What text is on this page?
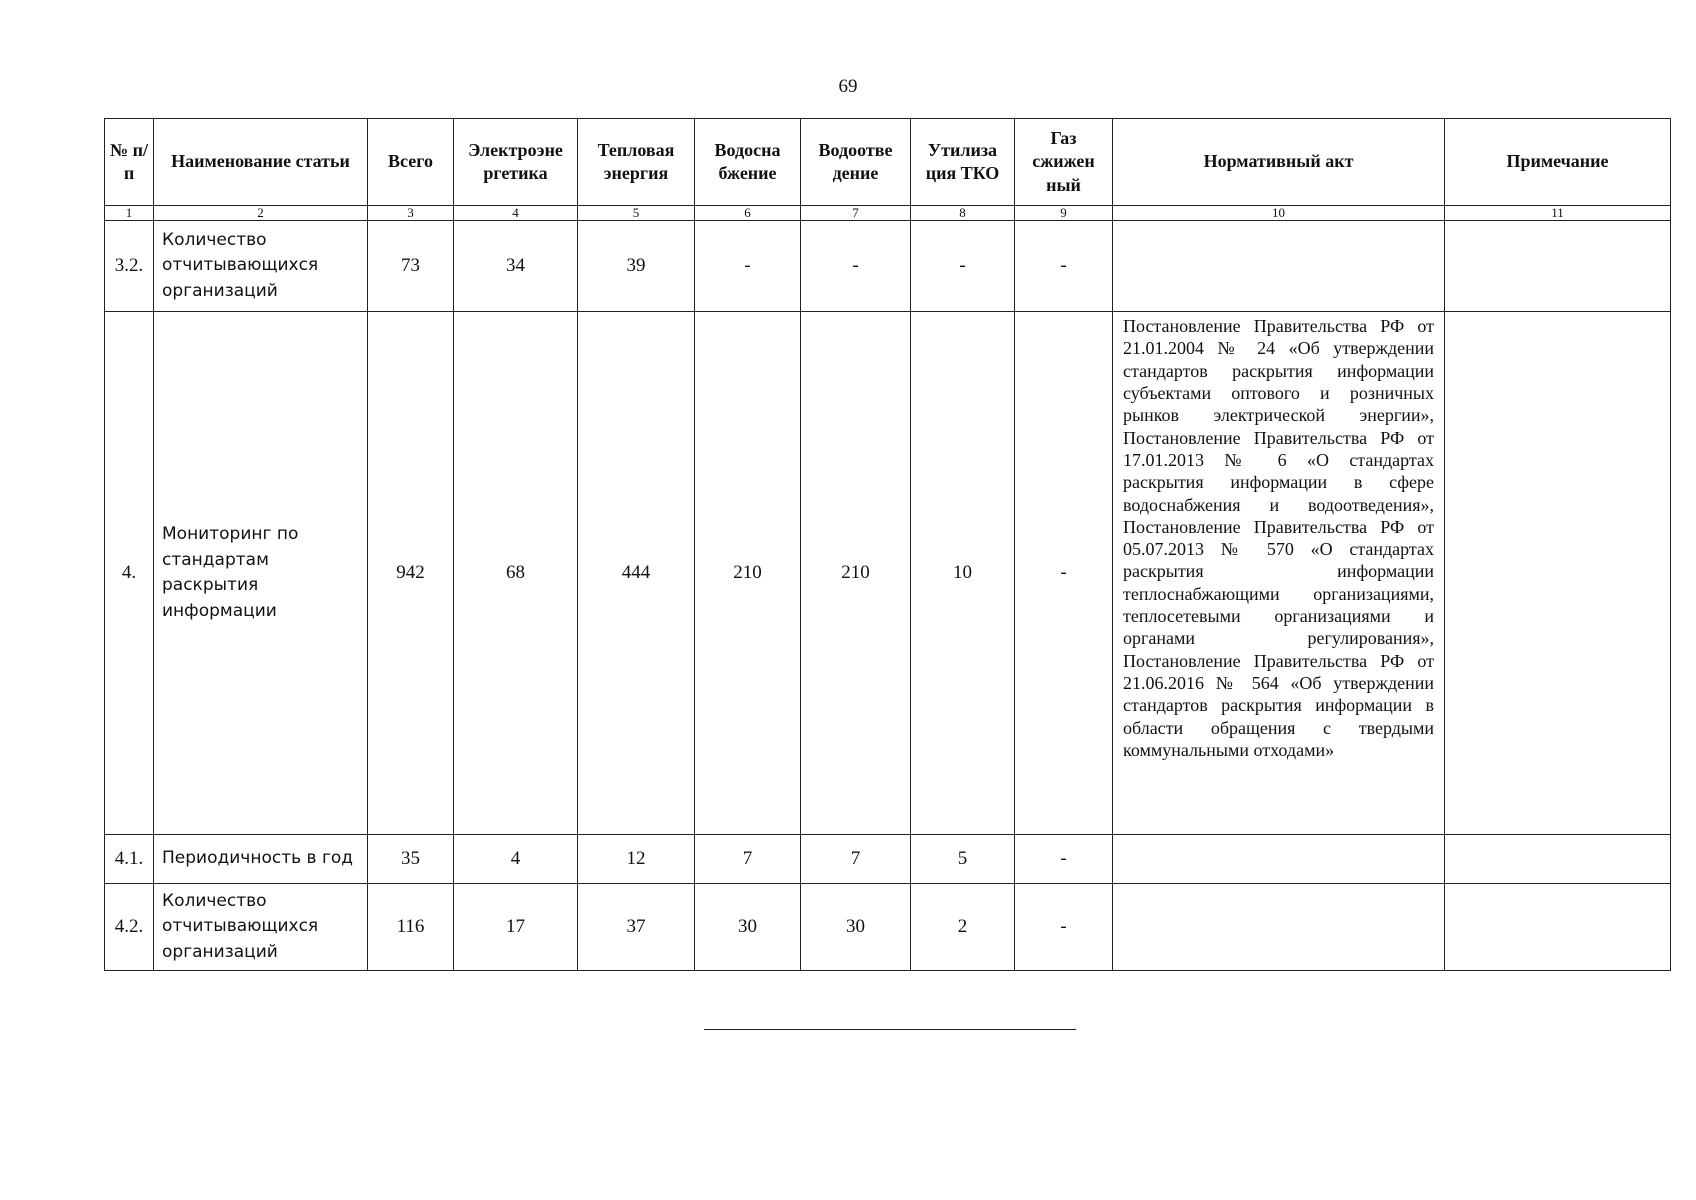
69
№ п/п	Наименование статьи	Всего	Электроэне ргетика	Тепловая энергия	Водосна бжение	Водоотве дение	Утилиза ция ТКО	Газ сжижен ный	Нормативный акт	Примечание
1	2	3	4	5	6	7	8	9	10	11
3.2.	Количество отчитывающихся организаций	73	34	39	-	-	-	-		
4.	Мониторинг по стандартам раскрытия информации	942	68	444	210	210	10	-	Постановление Правительства РФ от 21.01.2004 № 24 «Об утверждении стандартов раскрытия информации субъектами оптового и розничных рынков электрической энергии», Постановление Правительства РФ от 17.01.2013 № 6 «О стандартах раскрытия информации в сфере водоснабжения и водоотведения», Постановление Правительства РФ от 05.07.2013 № 570 «О стандартах раскрытия информации теплоснабжающими организациями, теплосетевыми организациями и органами регулирования», Постановление Правительства РФ от 21.06.2016 № 564 «Об утверждении стандартов раскрытия информации в области обращения с твердыми коммунальными отходами»	
4.1.	Периодичность в год	35	4	12	7	7	5	-		
4.2.	Количество отчитывающихся организаций	116	17	37	30	30	2	-		
